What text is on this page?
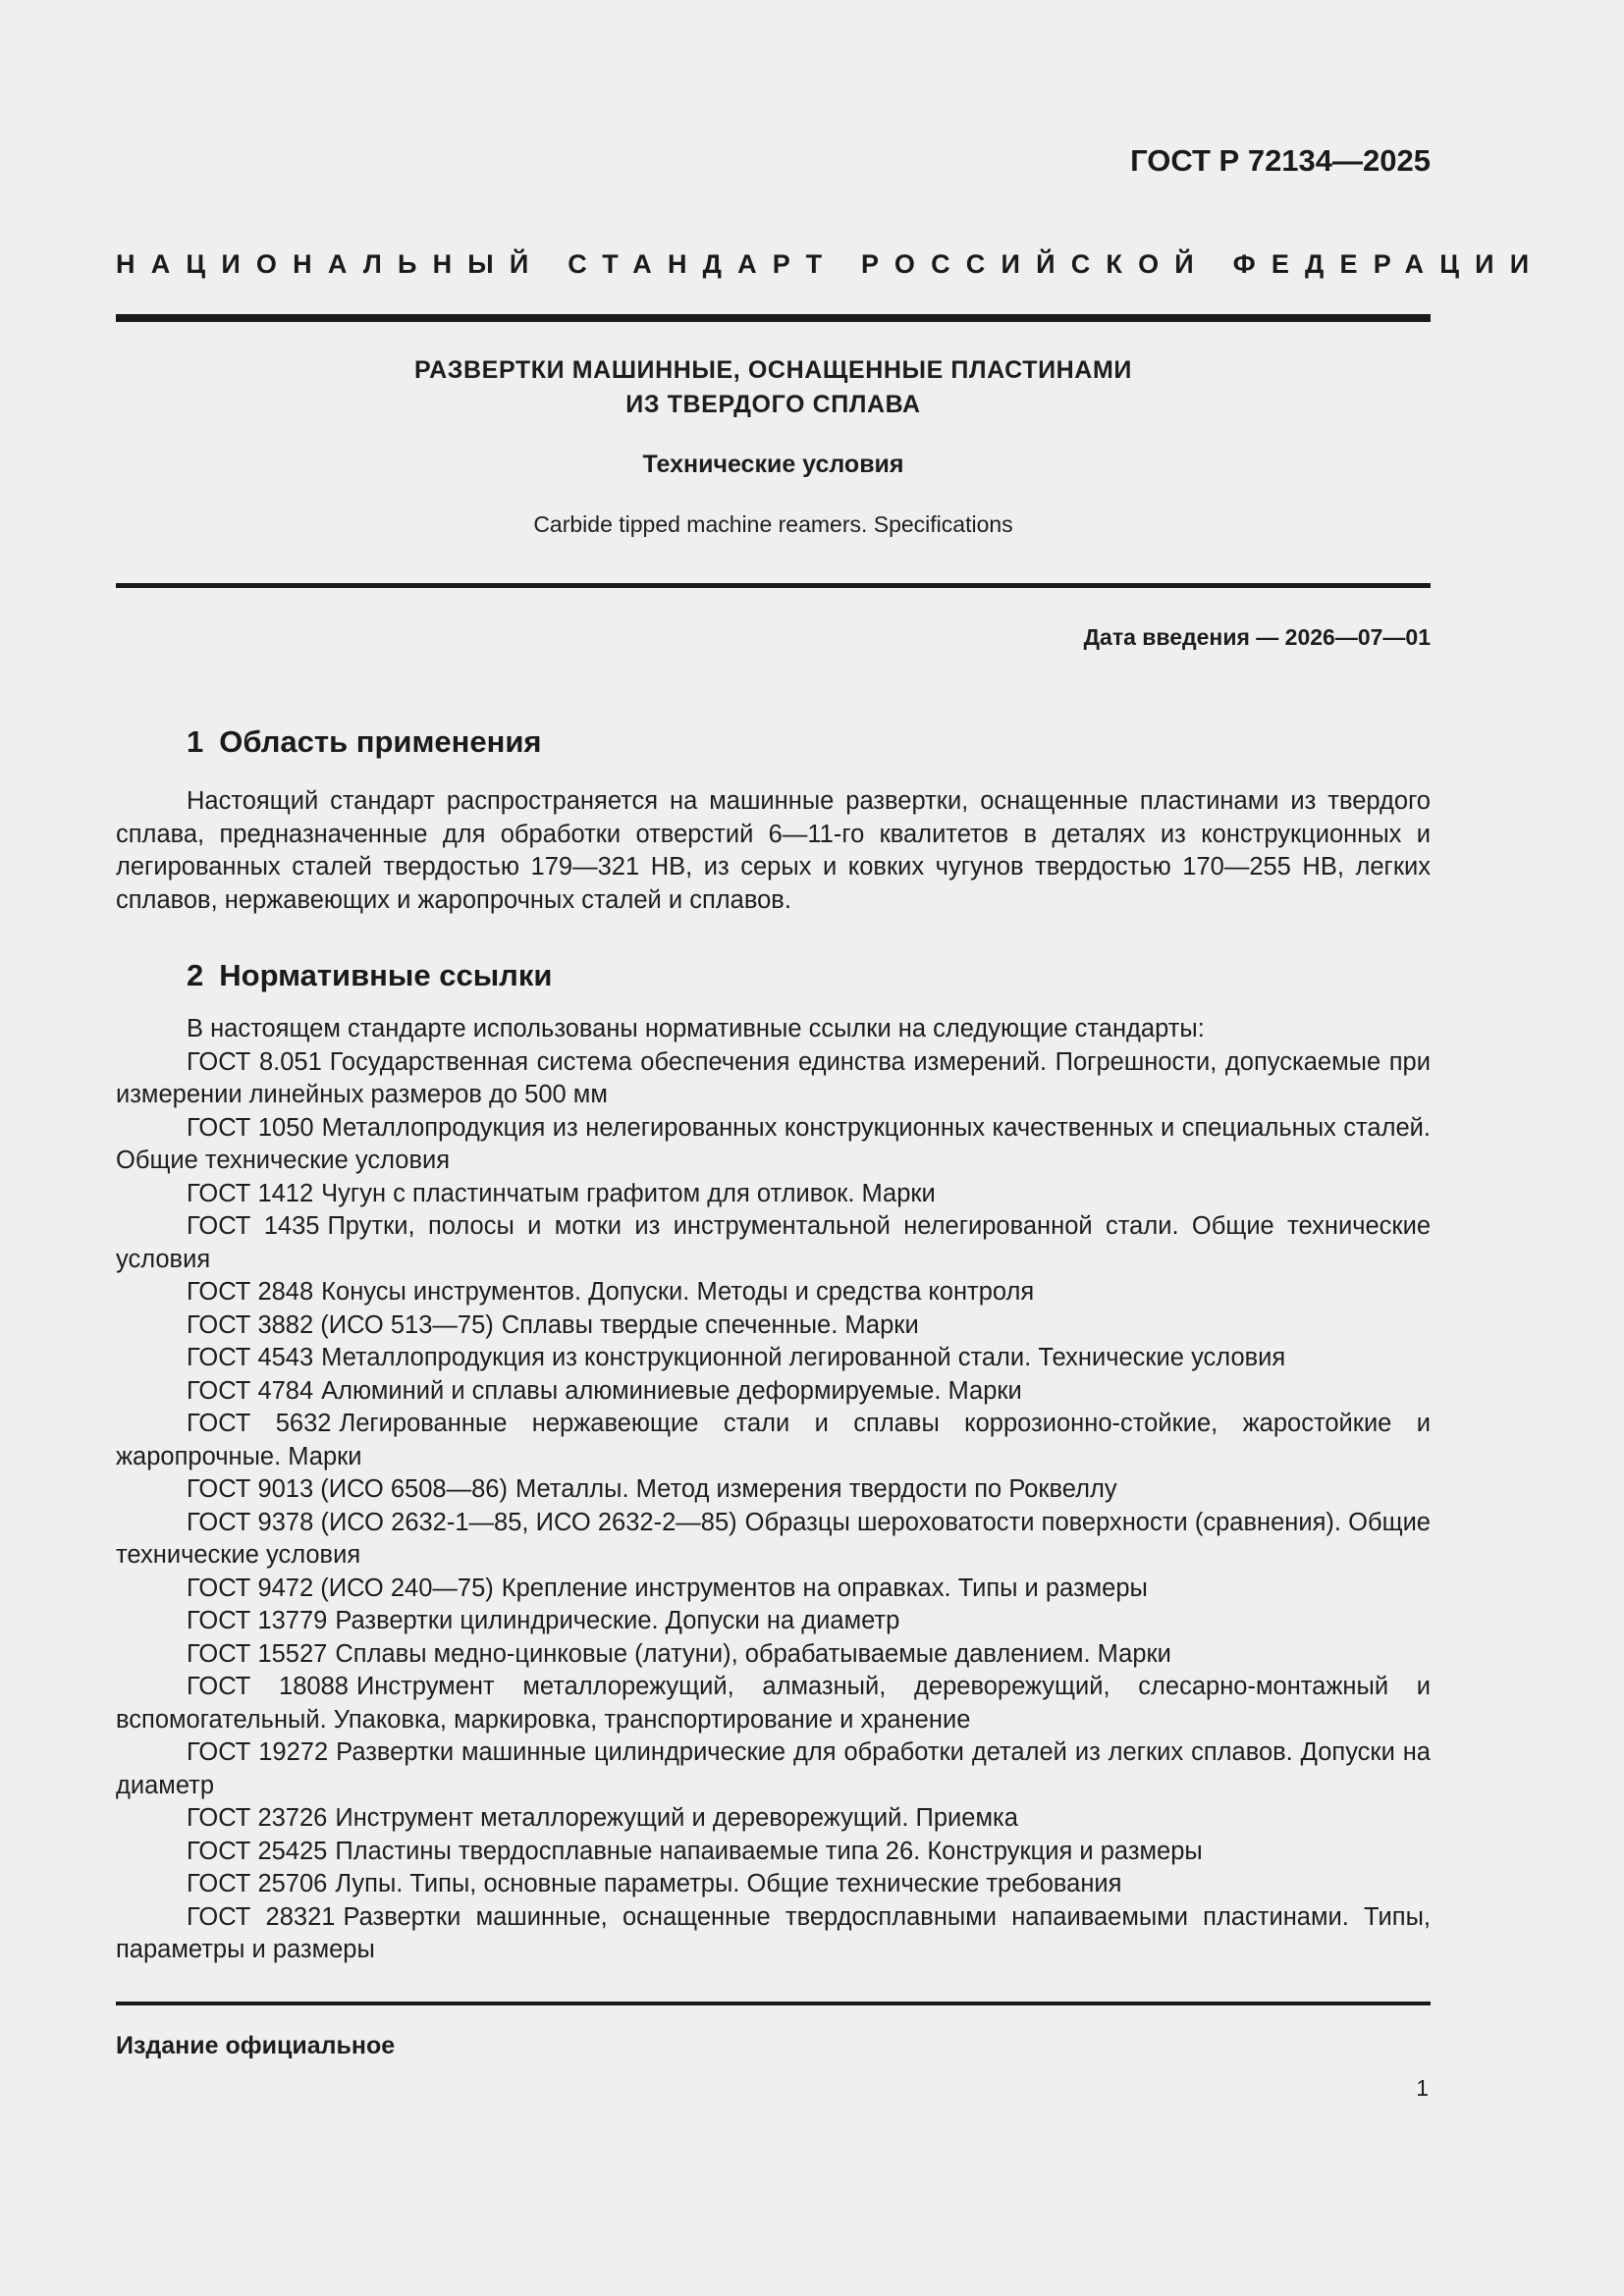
ГОСТ Р 72134—2025

НАЦИОНАЛЬНЫЙ СТАНДАРТ РОССИЙСКОЙ ФЕДЕРАЦИИ

РАЗВЕРТКИ МАШИННЫЕ, ОСНАЩЕННЫЕ ПЛАСТИНАМИ
ИЗ ТВЕРДОГО СПЛАВА

Технические условия

Carbide tipped machine reamers. Specifications

Дата введения — 2026—07—01

1 Область применения

Настоящий стандарт распространяется на машинные развертки, оснащенные пластинами из твердого сплава, предназначенные для обработки отверстий 6—11-го квалитетов в деталях из конструкционных и легированных сталей твердостью 179—321 HB, из серых и ковких чугунов твердостью 170—255 HB, легких сплавов, нержавеющих и жаропрочных сталей и сплавов.

2 Нормативные ссылки

В настоящем стандарте использованы нормативные ссылки на следующие стандарты:

ГОСТ 8.051 Государственная система обеспечения единства измерений. Погрешности, допускаемые при измерении линейных размеров до 500 мм
ГОСТ 1050 Металлопродукция из нелегированных конструкционных качественных и специальных сталей. Общие технические условия
ГОСТ 1412 Чугун с пластинчатым графитом для отливок. Марки
ГОСТ 1435 Прутки, полосы и мотки из инструментальной нелегированной стали. Общие технические условия
ГОСТ 2848 Конусы инструментов. Допуски. Методы и средства контроля
ГОСТ 3882 (ИСО 513—75) Сплавы твердые спеченные. Марки
ГОСТ 4543 Металлопродукция из конструкционной легированной стали. Технические условия
ГОСТ 4784 Алюминий и сплавы алюминиевые деформируемые. Марки
ГОСТ 5632 Легированные нержавеющие стали и сплавы коррозионно-стойкие, жаростойкие и жаропрочные. Марки
ГОСТ 9013 (ИСО 6508—86) Металлы. Метод измерения твердости по Роквеллу
ГОСТ 9378 (ИСО 2632-1—85, ИСО 2632-2—85) Образцы шероховатости поверхности (сравнения). Общие технические условия
ГОСТ 9472 (ИСО 240—75) Крепление инструментов на оправках. Типы и размеры
ГОСТ 13779 Развертки цилиндрические. Допуски на диаметр
ГОСТ 15527 Сплавы медно-цинковые (латуни), обрабатываемые давлением. Марки
ГОСТ 18088 Инструмент металлорежущий, алмазный, дереворежущий, слесарно-монтажный и вспомогательный. Упаковка, маркировка, транспортирование и хранение
ГОСТ 19272 Развертки машинные цилиндрические для обработки деталей из легких сплавов. Допуски на диаметр
ГОСТ 23726 Инструмент металлорежущий и дереворежущий. Приемка
ГОСТ 25425 Пластины твердосплавные напаиваемые типа 26. Конструкция и размеры
ГОСТ 25706 Лупы. Типы, основные параметры. Общие технические требования
ГОСТ 28321 Развертки машинные, оснащенные твердосплавными напаиваемыми пластинами. Типы, параметры и размеры

Издание официальное

1
